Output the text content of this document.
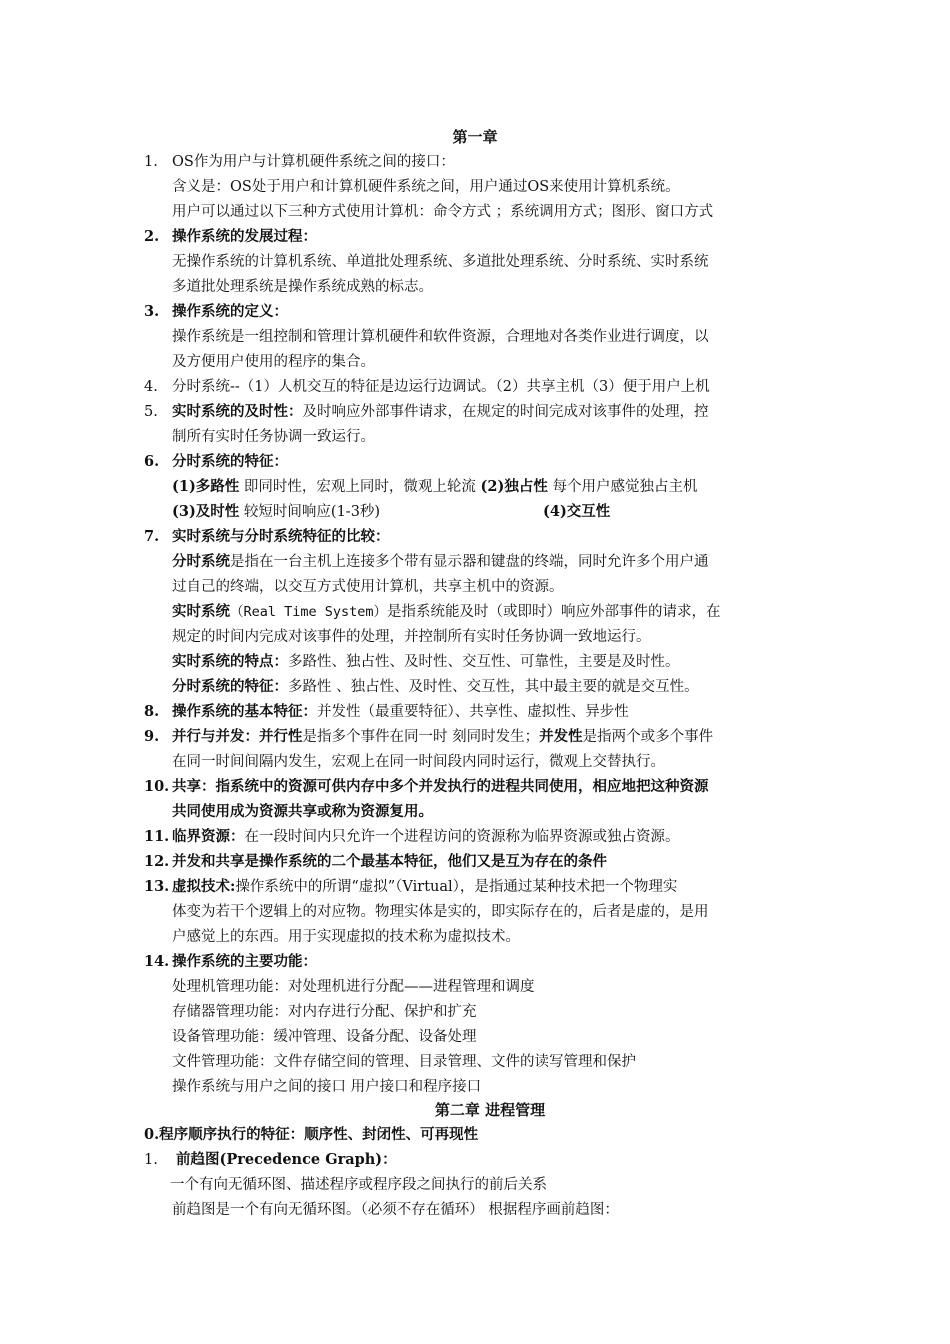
第一章
1. OS作为用户与计算机硬件系统之间的接口：
含义是：OS处于用户和计算机硬件系统之间，用户通过OS来使用计算机系统。
用户可以通过以下三种方式使用计算机：命令方式 ；系统调用方式；图形、窗口方式
2. 操作系统的发展过程：
无操作系统的计算机系统、单道批处理系统、多道批处理系统、分时系统、实时系统
多道批处理系统是操作系统成熟的标志。
3. 操作系统的定义：
操作系统是一组控制和管理计算机硬件和软件资源，合理地对各类作业进行调度，以
及方便用户使用的程序的集合。
4. 分时系统--（1）人机交互的特征是边运行边调试。（2）共享主机（3）便于用户上机
5. 实时系统的及时性：及时响应外部事件请求，在规定的时间完成对该事件的处理，控
制所有实时任务协调一致运行。
6. 分时系统的特征：
(1)多路性 即同时性，宏观上同时，微观上轮流 (2)独占性 每个用户感觉独占主机
(3)及时性 较短时间响应(1-3秒)	(4)交互性
7. 实时系统与分时系统特征的比较：
分时系统是指在一台主机上连接多个带有显示器和键盘的终端，同时允许多个用户通
过自己的终端，以交互方式使用计算机，共享主机中的资源。
实时系统（Real Time System）是指系统能及时（或即时）响应外部事件的请求，在
规定的时间内完成对该事件的处理，并控制所有实时任务协调一致地运行。
实时系统的特点：多路性、独占性、及时性、交互性、可靠性，主要是及时性。
分时系统的特征：多路性 、独占性、及时性、交互性，其中最主要的就是交互性。
8. 操作系统的基本特征：并发性（最重要特征）、共享性、虚拟性、异步性
9. 并行与并发：并行性是指多个事件在同一时 刻同时发生；并发性是指两个或多个事件
在同一时间间隔内发生，宏观上在同一时间段内同时运行，微观上交替执行。
10. 共享：指系统中的资源可供内存中多个并发执行的进程共同使用，相应地把这种资源
共同使用成为资源共享或称为资源复用。
11. 临界资源：在一段时间内只允许一个进程访问的资源称为临界资源或独占资源。
12. 并发和共享是操作系统的二个最基本特征，他们又是互为存在的条件
13. 虚拟技术:操作系统中的所谓“虚拟”（Virtual），是指通过某种技术把一个物理实
体变为若干个逻辑上的对应物。物理实体是实的，即实际存在的，后者是虚的，是用
户感觉上的东西。用于实现虚拟的技术称为虚拟技术。
14. 操作系统的主要功能：
处理机管理功能：对处理机进行分配——进程管理和调度
存储器管理功能：对内存进行分配、保护和扩充
设备管理功能：缓冲管理、设备分配、设备处理
文件管理功能：文件存储空间的管理、目录管理、文件的读写管理和保护
操作系统与用户之间的接口 用户接口和程序接口
第二章 进程管理
0.程序顺序执行的特征：顺序性、封闭性、可再现性
1. 前趋图(Precedence Graph)：
一个有向无循环图、描述程序或程序段之间执行的前后关系
前趋图是一个有向无循环图。（必须不存在循环） 根据程序画前趋图：
